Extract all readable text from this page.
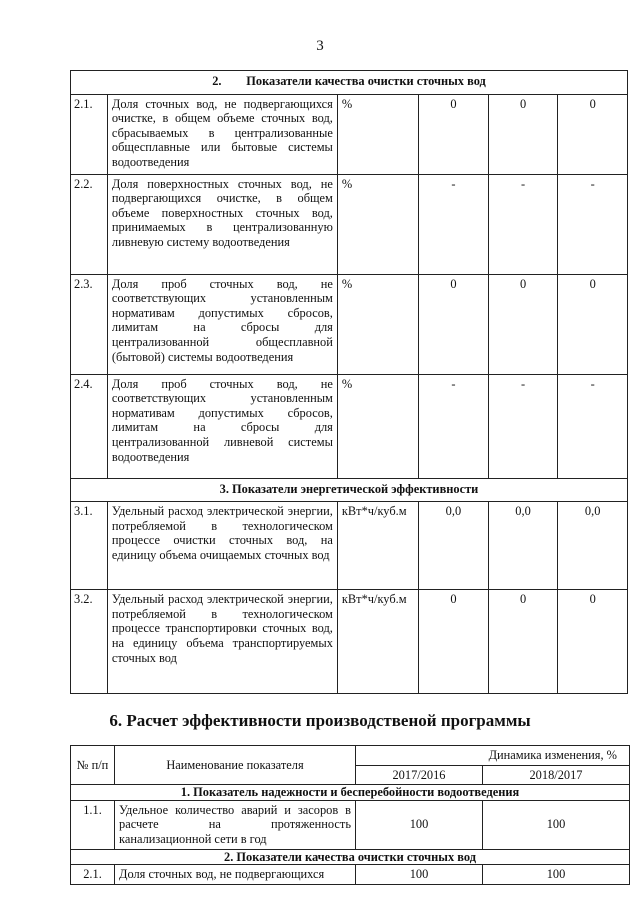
3
2.        Показатели качества очистки сточных вод					
2.1.	Доля сточных вод, не подвергающихся очистке, в общем объеме сточных вод, сбрасываемых в централизованные общесплавные или бытовые системы водоотведения	%	0	0	0
2.2.	Доля поверхностных сточных вод, не подвергающихся очистке, в общем объеме поверхностных сточных вод, принимаемых в централизованную ливневую систему водоотведения	%	-	-	-
2.3.	Доля проб сточных вод, не соответствующих установленным нормативам допустимых сбросов, лимитам на сбросы для централизованной общесплавной (бытовой) системы водоотведения	%	0	0	0
2.4.	Доля проб сточных вод, не соответствующих установленным нормативам допустимых сбросов, лимитам на сбросы для централизованной ливневой системы водоотведения	%	-	-	-
3. Показатели энергетической эффективности					
3.1.	Удельный расход электрической энергии, потребляемой в технологическом процессе очистки сточных вод, на единицу объема очищаемых сточных вод	кВт*ч/куб.м	0,0	0,0	0,0
3.2.	Удельный расход электрической энергии, потребляемой в технологическом процессе транспортировки сточных вод, на единицу объема транспортируемых сточных вод	кВт*ч/куб.м	0	0	0
6. Расчет эффективности производственой программы
№ п/п	Наименование показателя	Динамика изменения, %	
		2017/2016	2018/2017
1. Показатель надежности и бесперебойности водоотведения			
1.1.	Удельное количество аварий и засоров в расчете на протяженность канализационной сети в год	100	100
2. Показатели качества очистки сточных вод			
2.1.	Доля сточных вод, не подвергающихся	100	100
